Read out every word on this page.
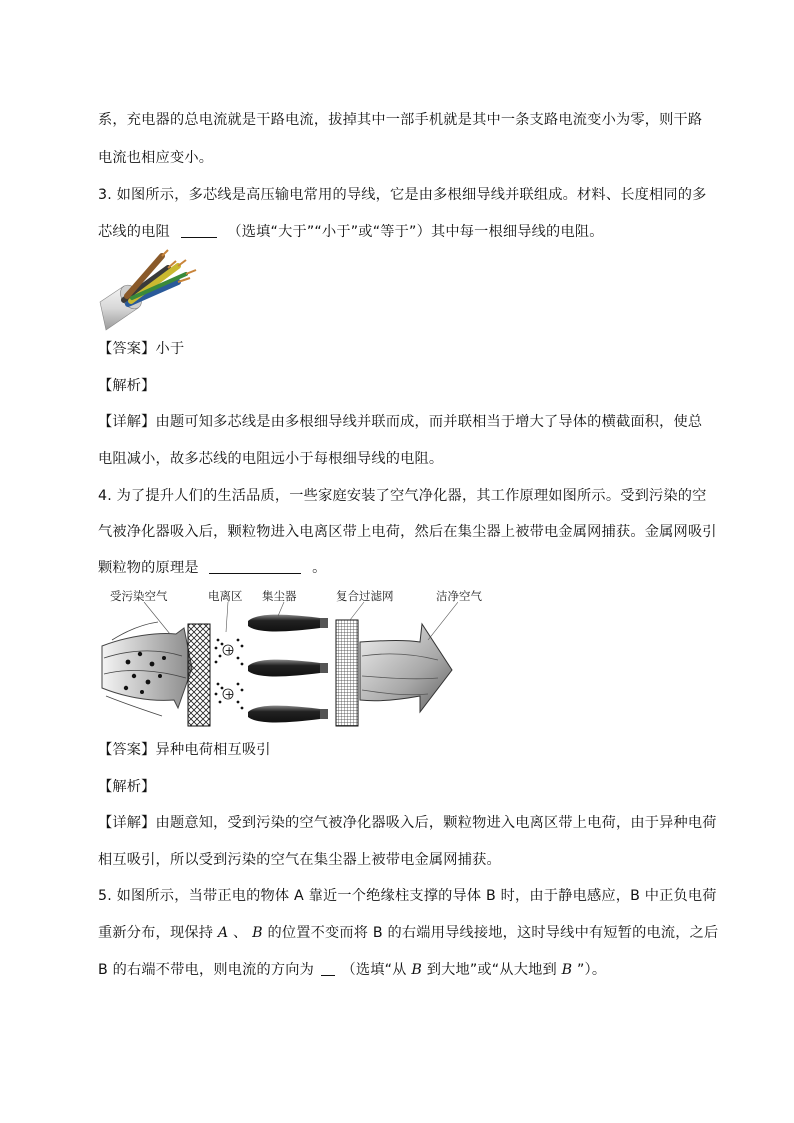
系，充电器的总电流就是干路电流，拔掉其中一部手机就是其中一条支路电流变小为零，则干路
电流也相应变小。
3. 如图所示，多芯线是高压输电常用的导线，它是由多根细导线并联组成。材料、长度相同的多
芯线的电阻	（选填“大于”“小于”或“等于”）其中每一根细导线的电阻。
【答案】小于
【解析】
【详解】由题可知多芯线是由多根细导线并联而成，而并联相当于增大了导体的横截面积，使总
电阻减小，故多芯线的电阻远小于每根细导线的电阻。
4. 为了提升人们的生活品质，一些家庭安装了空气净化器，其工作原理如图所示。受到污染的空
气被净化器吸入后，颗粒物进入电离区带上电荷，然后在集尘器上被带电金属网捕获。金属网吸引
颗粒物的原理是	。
受污染空气	电离区 集尘器	复合过滤网	洁净空气
+
+
【答案】异种电荷相互吸引
【解析】
【详解】由题意知，受到污染的空气被净化器吸入后，颗粒物进入电离区带上电荷，由于异种电荷
相互吸引，所以受到污染的空气在集尘器上被带电金属网捕获。
5. 如图所示，当带正电的物体 A 靠近一个绝缘柱支撑的导体 B 时，由于静电感应，B 中正负电荷
重新分布，现保持 A 、 B 的位置不变而将 B 的右端用导线接地，这时导线中有短暂的电流，之后
B 的右端不带电，则电流的方向为 （选填“从 B 到大地”或“从大地到 B ”）。
